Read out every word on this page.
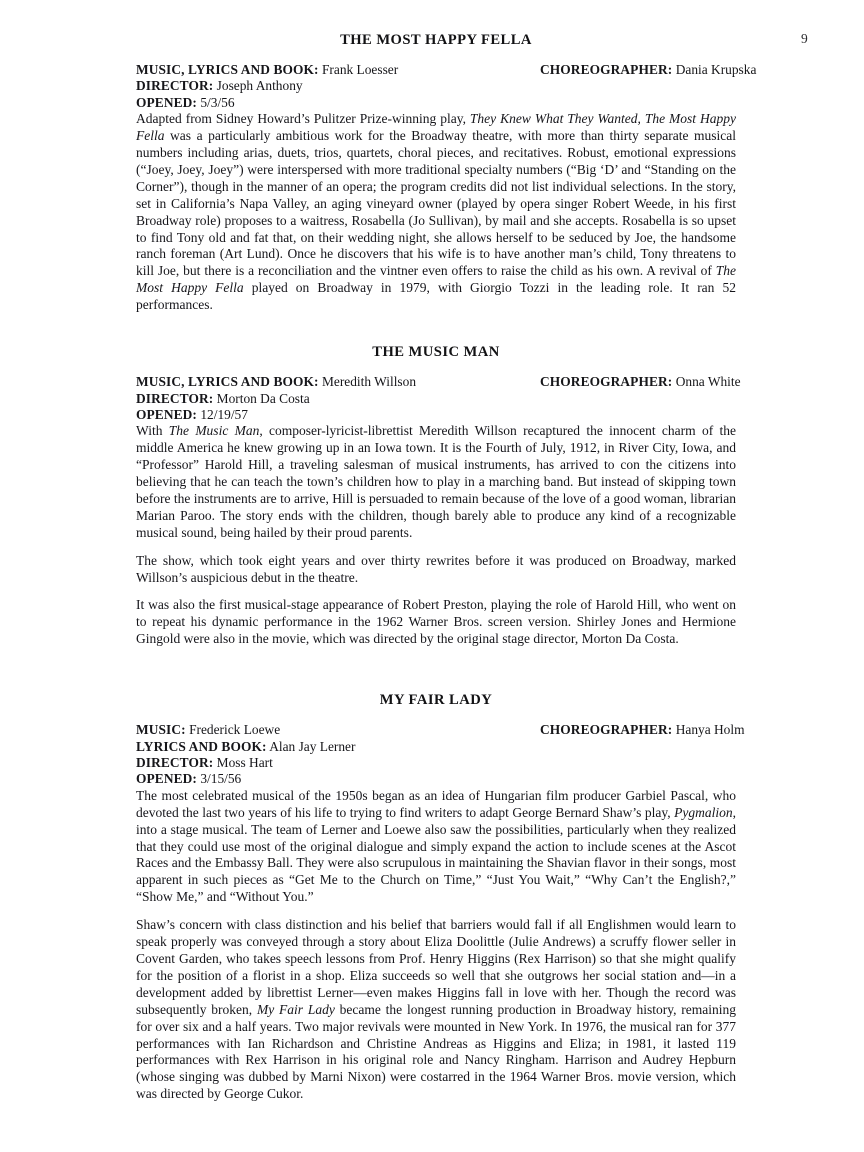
9
THE MOST HAPPY FELLA
MUSIC, LYRICS AND BOOK: Frank Loesser
DIRECTOR: Joseph Anthony
OPENED: 5/3/56
CHOREOGRAPHER: Dania Krupska

Adapted from Sidney Howard’s Pulitzer Prize-winning play, They Knew What They Wanted, The Most Happy Fella was a particularly ambitious work for the Broadway theatre, with more than thirty separate musical numbers including arias, duets, trios, quartets, choral pieces, and recitatives. Robust, emotional expressions (“Joey, Joey, Joey”) were interspersed with more traditional specialty numbers (“Big ‘D’ and “Standing on the Corner”), though in the manner of an opera; the program credits did not list individual selections. In the story, set in California’s Napa Valley, an aging vineyard owner (played by opera singer Robert Weede, in his first Broadway role) proposes to a waitress, Rosabella (Jo Sullivan), by mail and she accepts. Rosabella is so upset to find Tony old and fat that, on their wedding night, she allows herself to be seduced by Joe, the handsome ranch foreman (Art Lund). Once he discovers that his wife is to have another man’s child, Tony threatens to kill Joe, but there is a reconciliation and the vintner even offers to raise the child as his own. A revival of The Most Happy Fella played on Broadway in 1979, with Giorgio Tozzi in the leading role. It ran 52 performances.

THE MUSIC MAN
MUSIC, LYRICS AND BOOK: Meredith Willson
DIRECTOR: Morton Da Costa
OPENED: 12/19/57
CHOREOGRAPHER: Onna White

With The Music Man, composer-lyricist-librettist Meredith Willson recaptured the innocent charm of the middle America he knew growing up in an Iowa town. It is the Fourth of July, 1912, in River City, Iowa, and “Professor” Harold Hill, a traveling salesman of musical instruments, has arrived to con the citizens into believing that he can teach the town’s children how to play in a marching band. But instead of skipping town before the instruments are to arrive, Hill is persuaded to remain because of the love of a good woman, librarian Marian Paroo. The story ends with the children, though barely able to produce any kind of a recognizable musical sound, being hailed by their proud parents.

The show, which took eight years and over thirty rewrites before it was produced on Broadway, marked Willson’s auspicious debut in the theatre.

It was also the first musical-stage appearance of Robert Preston, playing the role of Harold Hill, who went on to repeat his dynamic performance in the 1962 Warner Bros. screen version. Shirley Jones and Hermione Gingold were also in the movie, which was directed by the original stage director, Morton Da Costa.

MY FAIR LADY
MUSIC: Frederick Loewe
LYRICS AND BOOK: Alan Jay Lerner
DIRECTOR: Moss Hart
OPENED: 3/15/56
CHOREOGRAPHER: Hanya Holm

The most celebrated musical of the 1950s began as an idea of Hungarian film producer Garbiel Pascal, who devoted the last two years of his life to trying to find writers to adapt George Bernard Shaw’s play, Pygmalion, into a stage musical. The team of Lerner and Loewe also saw the possibilities, particularly when they realized that they could use most of the original dialogue and simply expand the action to include scenes at the Ascot Races and the Embassy Ball. They were also scrupulous in maintaining the Shavian flavor in their songs, most apparent in such pieces as “Get Me to the Church on Time,” “Just You Wait,” “Why Can’t the English?,” “Show Me,” and “Without You.”

Shaw’s concern with class distinction and his belief that barriers would fall if all Englishmen would learn to speak properly was conveyed through a story about Eliza Doolittle (Julie Andrews) a scruffy flower seller in Covent Garden, who takes speech lessons from Prof. Henry Higgins (Rex Harrison) so that she might qualify for the position of a florist in a shop. Eliza succeeds so well that she outgrows her social station and—in a development added by librettist Lerner—even makes Higgins fall in love with her. Though the record was subsequently broken, My Fair Lady became the longest running production in Broadway history, remaining for over six and a half years. Two major revivals were mounted in New York. In 1976, the musical ran for 377 performances with Ian Richardson and Christine Andreas as Higgins and Eliza; in 1981, it lasted 119 performances with Rex Harrison in his original role and Nancy Ringham. Harrison and Audrey Hepburn (whose singing was dubbed by Marni Nixon) were costarred in the 1964 Warner Bros. movie version, which was directed by George Cukor.
